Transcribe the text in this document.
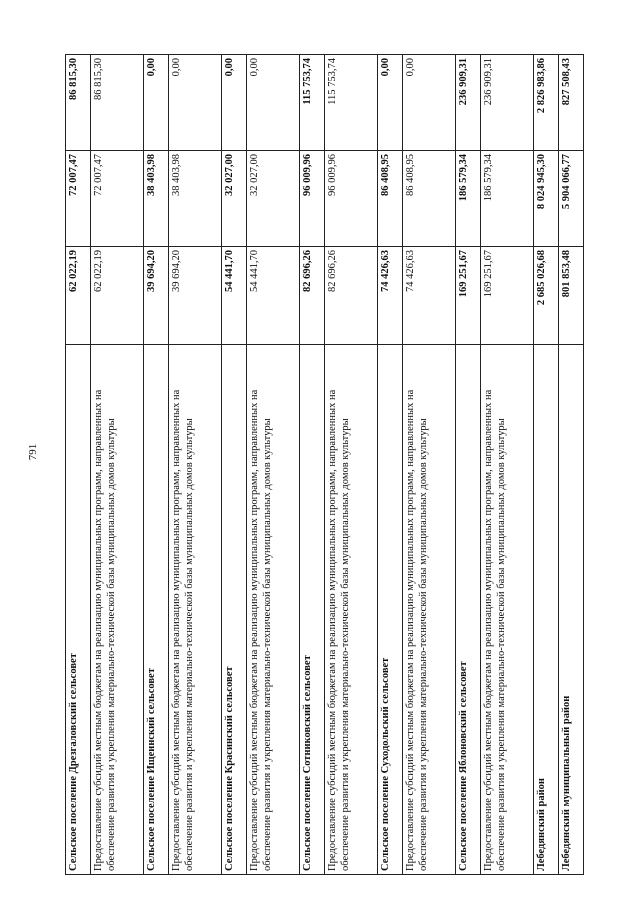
791
Сельское поселение Дрезгаловский сельсовет	62 022,19	72 007,47	86 815,30
Предоставление субсидий местным бюджетам на реализацию муниципальных программ, направленных на обеспечение развития и укрепления материально-технической базы муниципальных домов культуры	62 022,19	72 007,47	86 815,30
Сельское поселение Ищеинский сельсовет	39 694,20	38 403,98	0,00
Предоставление субсидий местным бюджетам на реализацию муниципальных программ, направленных на обеспечение развития и укрепления материально-технической базы муниципальных домов культуры	39 694,20	38 403,98	0,00
Сельское поселение Красинский сельсовет	54 441,70	32 027,00	0,00
Предоставление субсидий местным бюджетам на реализацию муниципальных программ, направленных на обеспечение развития и укрепления материально-технической базы муниципальных домов культуры	54 441,70	32 027,00	0,00
Сельское поселение Сотниковский сельсовет	82 696,26	96 009,96	115 753,74
Предоставление субсидий местным бюджетам на реализацию муниципальных программ, направленных на обеспечение развития и укрепления материально-технической базы муниципальных домов культуры	82 696,26	96 009,96	115 753,74
Сельское поселение Суходольский сельсовет	74 426,63	86 408,95	0,00
Предоставление субсидий местным бюджетам на реализацию муниципальных программ, направленных на обеспечение развития и укрепления материально-технической базы муниципальных домов культуры	74 426,63	86 408,95	0,00
Сельское поселение Яблоновский сельсовет	169 251,67	186 579,34	236 909,31
Предоставление субсидий местным бюджетам на реализацию муниципальных программ, направленных на обеспечение развития и укрепления материально-технической базы муниципальных домов культуры	169 251,67	186 579,34	236 909,31
Лебедянский район	2 685 026,68	8 024 945,30	2 826 983,86
Лебедянский муниципальный район	801 853,48	5 904 066,77	827 508,43
